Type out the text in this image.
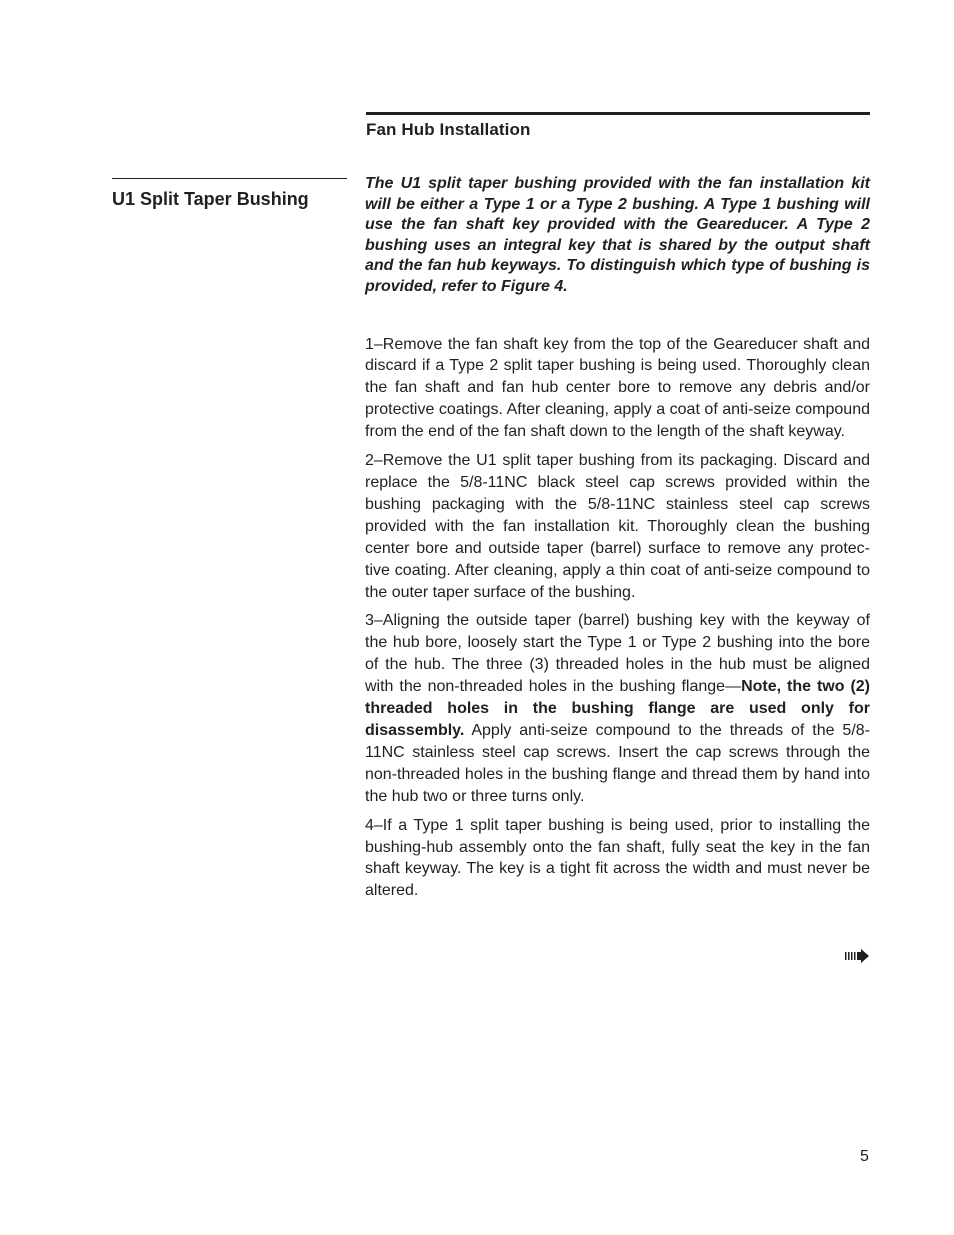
Fan Hub Installation
U1 Split Taper Bushing

The U1 split taper bushing provided with the fan installation kit will be either a Type 1 or a Type 2 bushing. A Type 1 bushing will use the fan shaft key provided with the Geareducer. A Type 2 bushing uses an integral key that is shared by the output shaft and the fan hub keyways. To distinguish which type of bushing is provided, refer to Figure 4.

1–Remove the fan shaft key from the top of the Geareducer shaft and discard if a Type 2 split taper bushing is being used. Thoroughly clean the fan shaft and fan hub center bore to remove any debris and/or protective coatings. After cleaning, apply a coat of anti-seize compound from the end of the fan shaft down to the length of the shaft keyway.

2–Remove the U1 split taper bushing from its packaging. Discard and replace the 5/8-11NC black steel cap screws provided within the bushing packaging with the 5/8-11NC stainless steel cap screws provided with the fan installation kit. Thoroughly clean the bushing center bore and outside taper (barrel) surface to remove any protec-tive coating. After cleaning, apply a thin coat of anti-seize compound to the outer taper surface of the bushing.

3–Aligning the outside taper (barrel) bushing key with the keyway of the hub bore, loosely start the Type 1 or Type 2 bushing into the bore of the hub. The three (3) threaded holes in the hub must be aligned with the non-threaded holes in the bushing flange—Note, the two (2) threaded holes in the bushing flange are used only for disassembly. Apply anti-seize compound to the threads of the 5/8-11NC stainless steel cap screws. Insert the cap screws through the non-threaded holes in the bushing flange and thread them by hand into the hub two or three turns only.

4–If a Type 1 split taper bushing is being used, prior to installing the bushing-hub assembly onto the fan shaft, fully seat the key in the fan shaft keyway. The key is a tight fit across the width and must never be altered.

5
